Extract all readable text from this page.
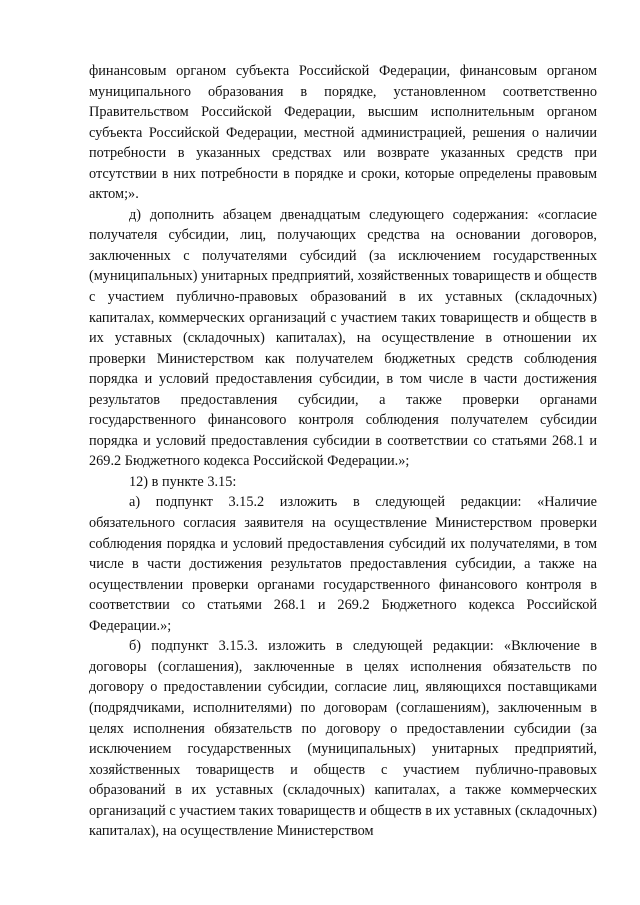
финансовым органом субъекта Российской Федерации, финансовым органом муниципального образования в порядке, установленном соответственно Правительством Российской Федерации, высшим исполнительным органом субъекта Российской Федерации, местной администрацией, решения о наличии потребности в указанных средствах или возврате указанных средств при отсутствии в них потребности в порядке и сроки, которые определены правовым актом;».

д) дополнить абзацем двенадцатым следующего содержания: «согласие получателя субсидии, лиц, получающих средства на основании договоров, заключенных с получателями субсидий (за исключением государственных (муниципальных) унитарных предприятий, хозяйственных товариществ и обществ с участием публично-правовых образований в их уставных (складочных) капиталах, коммерческих организаций с участием таких товариществ и обществ в их уставных (складочных) капиталах), на осуществление в отношении их проверки Министерством как получателем бюджетных средств соблюдения порядка и условий предоставления субсидии, в том числе в части достижения результатов предоставления субсидии, а также проверки органами государственного финансового контроля соблюдения получателем субсидии порядка и условий предоставления субсидии в соответствии со статьями 268.1 и 269.2 Бюджетного кодекса Российской Федерации.»;

12) в пункте 3.15:

а) подпункт 3.15.2 изложить в следующей редакции: «Наличие обязательного согласия заявителя на осуществление Министерством проверки соблюдения порядка и условий предоставления субсидий их получателями, в том числе в части достижения результатов предоставления субсидии, а также на осуществлении проверки органами государственного финансового контроля в соответствии со статьями 268.1 и 269.2 Бюджетного кодекса Российской Федерации.»;

б) подпункт 3.15.3. изложить в следующей редакции: «Включение в договоры (соглашения), заключенные в целях исполнения обязательств по договору о предоставлении субсидии, согласие лиц, являющихся поставщиками (подрядчиками, исполнителями) по договорам (соглашениям), заключенным в целях исполнения обязательств по договору о предоставлении субсидии (за исключением государственных (муниципальных) унитарных предприятий, хозяйственных товариществ и обществ с участием публично-правовых образований в их уставных (складочных) капиталах, а также коммерческих организаций с участием таких товариществ и обществ в их уставных (складочных) капиталах), на осуществление Министерством
